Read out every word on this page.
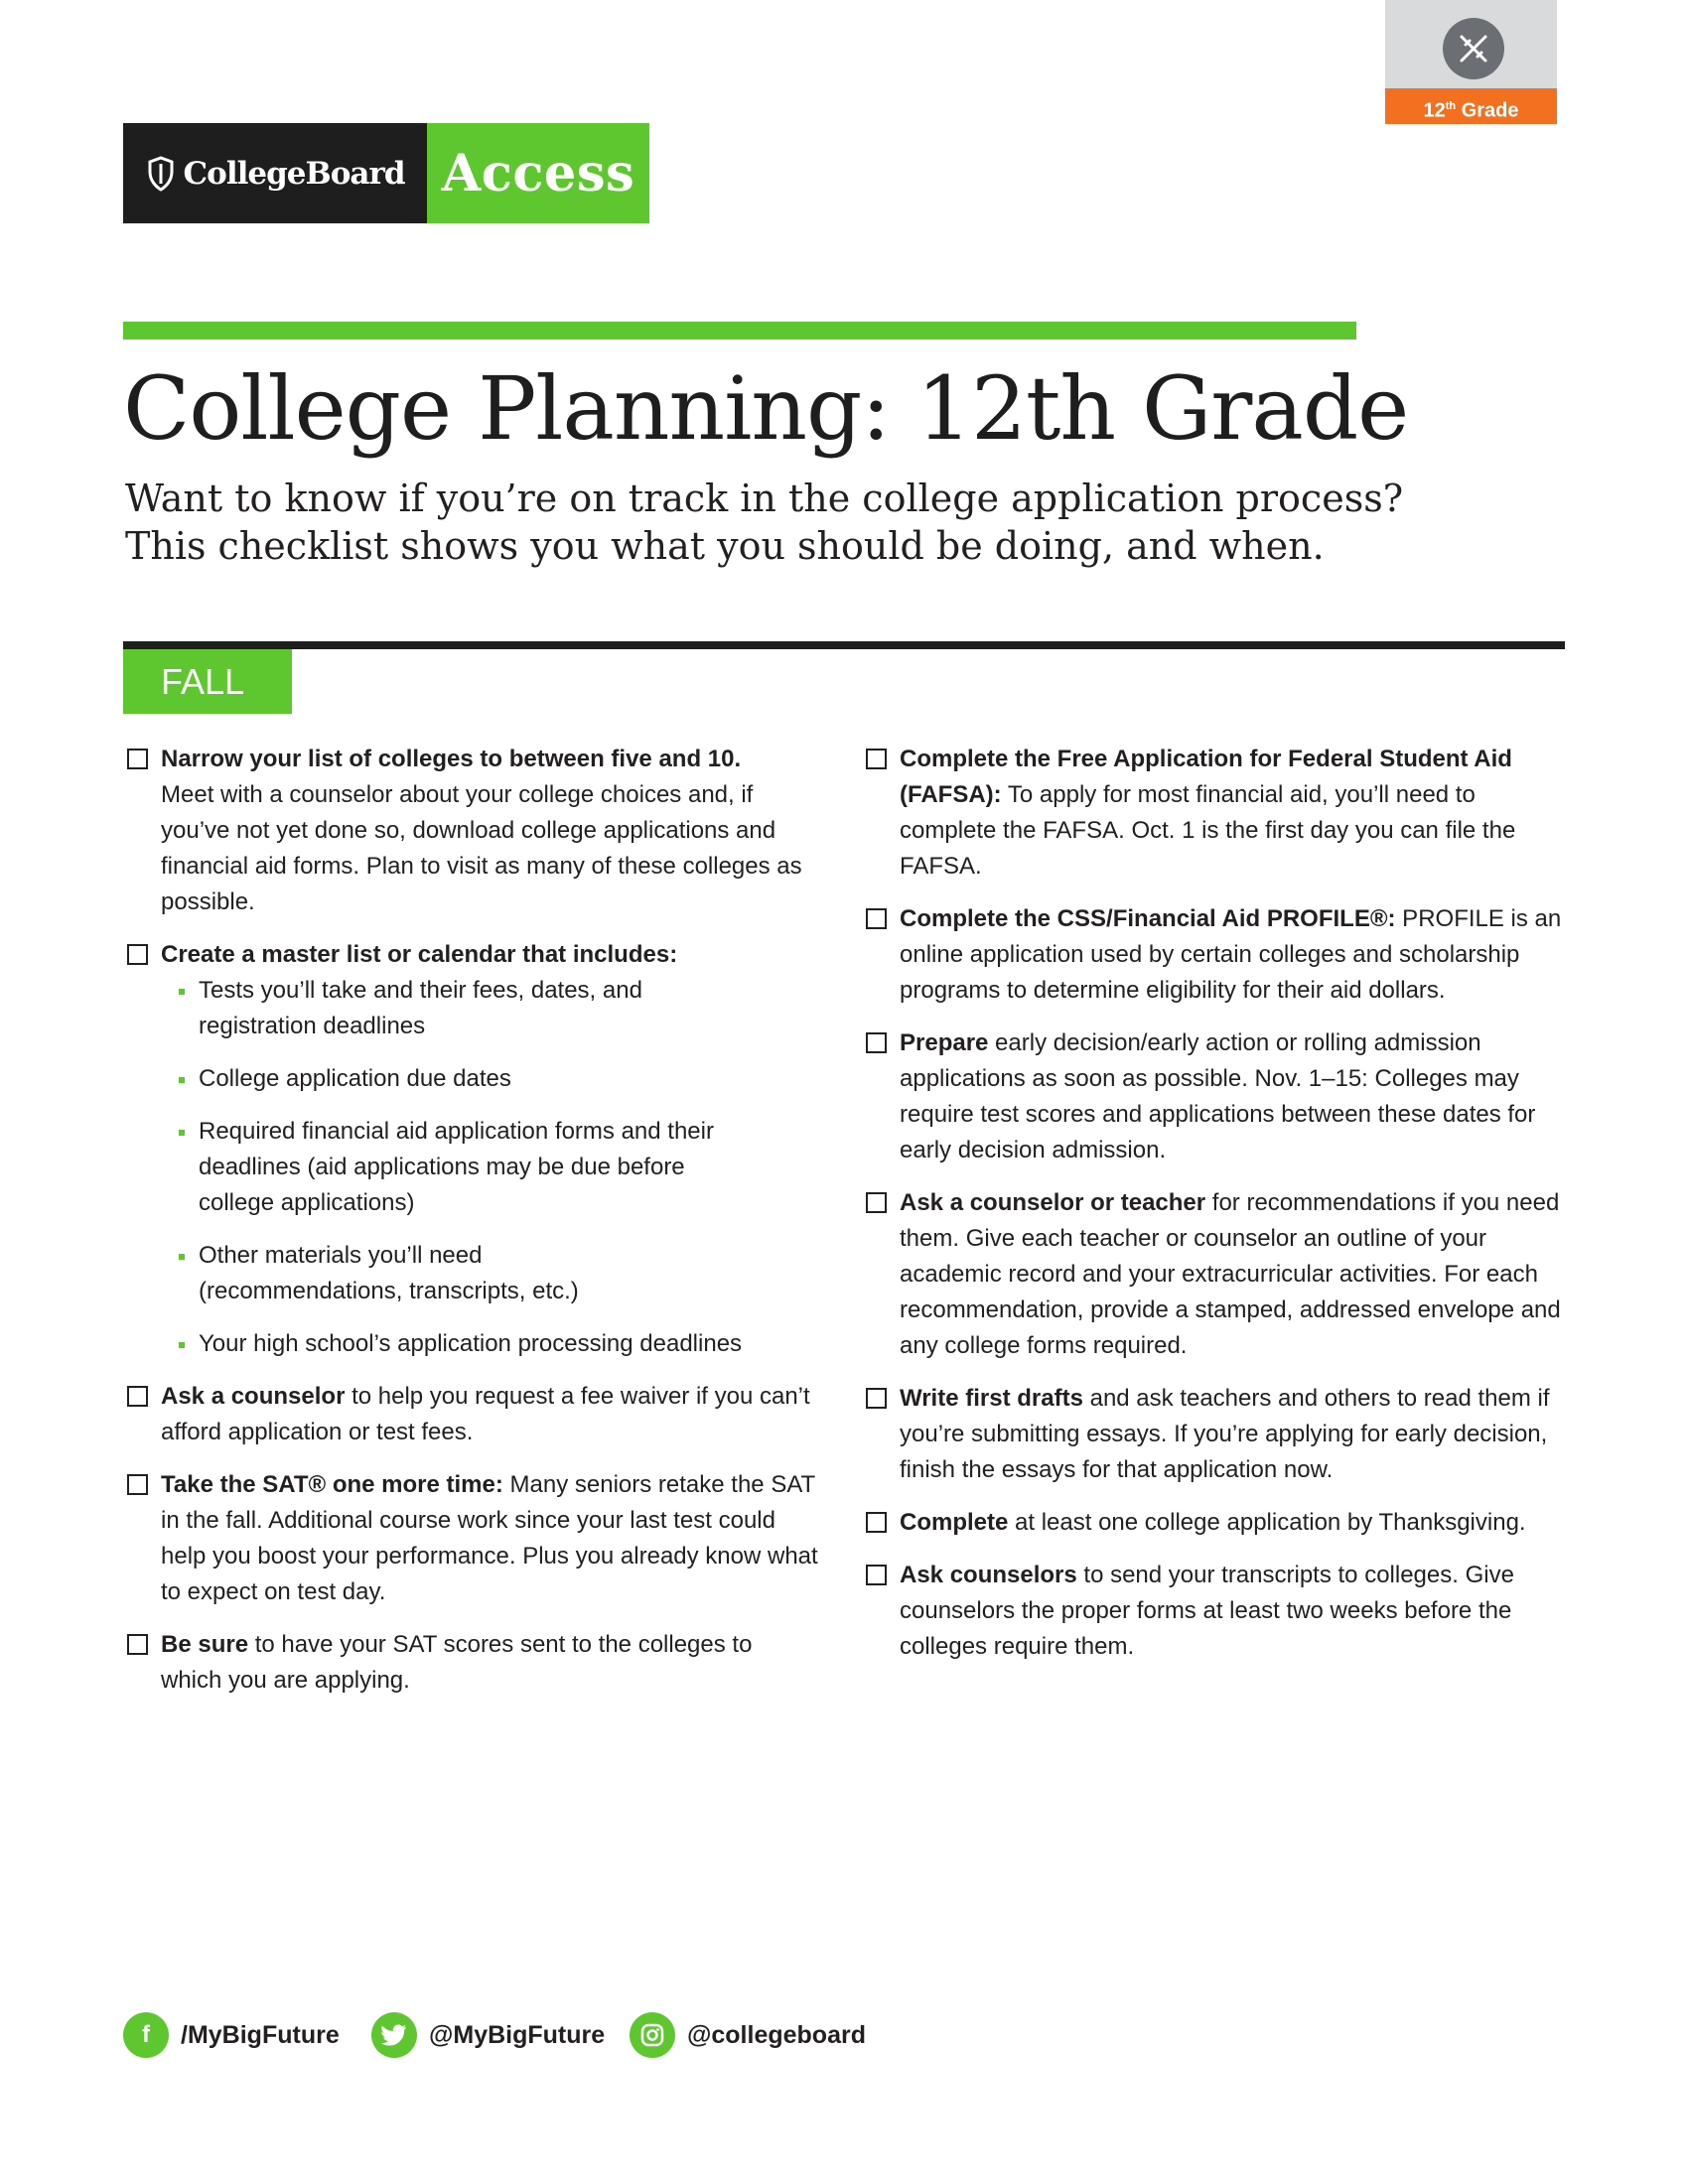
12th Grade
CollegeBoard Access
College Planning: 12th Grade

Want to know if you’re on track in the college application process?
This checklist shows you what you should be doing, and when.

FALL
Narrow your list of colleges to between five and 10.
Meet with a counselor about your college choices and, if you’ve not yet done so, download college applications and financial aid forms. Plan to visit as many of these colleges as possible.
Create a master list or calendar that includes:
Tests you’ll take and their fees, dates, and registration deadlines
College application due dates
Required financial aid application forms and their deadlines (aid applications may be due before college applications)
Other materials you’ll need (recommendations, transcripts, etc.)
Your high school’s application processing deadlines
Ask a counselor to help you request a fee waiver if you can’t afford application or test fees.
Take the SAT® one more time: Many seniors retake the SAT in the fall. Additional course work since your last test could help you boost your performance. Plus you already know what to expect on test day.
Be sure to have your SAT scores sent to the colleges to which you are applying.
Complete the Free Application for Federal Student Aid (FAFSA): To apply for most financial aid, you’ll need to complete the FAFSA. Oct. 1 is the first day you can file the FAFSA.
Complete the CSS/Financial Aid PROFILE®: PROFILE is an online application used by certain colleges and scholarship programs to determine eligibility for their aid dollars.
Prepare early decision/early action or rolling admission applications as soon as possible. Nov. 1–15: Colleges may require test scores and applications between these dates for early decision admission.
Ask a counselor or teacher for recommendations if you need them. Give each teacher or counselor an outline of your academic record and your extracurricular activities. For each recommendation, provide a stamped, addressed envelope and any college forms required.
Write first drafts and ask teachers and others to read them if you’re submitting essays. If you’re applying for early decision, finish the essays for that application now.
Complete at least one college application by Thanksgiving.
Ask counselors to send your transcripts to colleges. Give counselors the proper forms at least two weeks before the colleges require them.
f	/MyBigFuture	@MyBigFuture	@collegeboard
